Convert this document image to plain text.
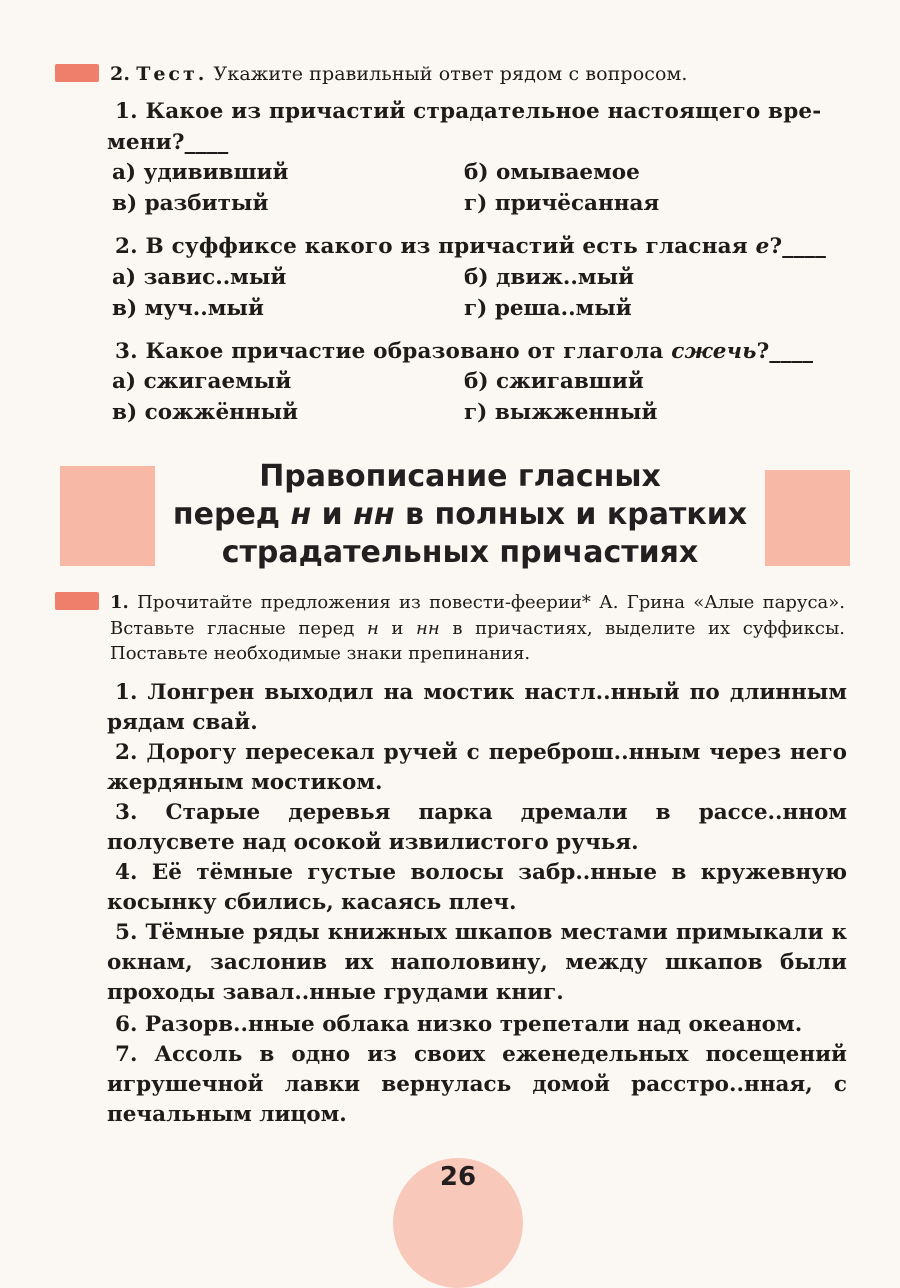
2. Тест. Укажите правильный ответ рядом с вопросом.
1. Какое из причастий страдательное настоящего вре-
мени?____
а) удививший	б) омываемое
в) разбитый	г) причёсанная
2. В суффиксе какого из причастий есть гласная е?____
а) завис..мый	б) движ..мый
в) муч..мый	г) реша..мый
3. Какое причастие образовано от глагола сжечь?____
а) сжигаемый	б) сжигавший
в) сожжённый	г) выжженный
Правописание гласных
перед н и нн в полных и кратких
страдательных причастиях
1. Прочитайте предложения из повести-феерии* А. Грина «Алые паруса». Вставьте гласные перед н и нн в причастиях, выделите их суффиксы. Поставьте необходимые знаки препинания.
1. Лонгрен выходил на мостик настл..нный по длинным рядам свай.
2. Дорогу пересекал ручей с перeброш..нным через него жердяным мостиком.
3. Старые деревья парка дремали в рассе..нном полусвете над осокой извилистого ручья.
4. Её тёмные густые волосы забр..нные в кружевную косынку сбились, касаясь плеч.
5. Тёмные ряды книжных шкапов местами примыкали к окнам, заслонив их наполовину, между шкапов были проходы завал..нные грудами книг.
6. Разорв..нные облака низко трепетали над океаном.
7. Ассоль в одно из своих еженедельных посещений игрушечной лавки вернулась домой расстро..нная, с печальным лицом.
26
